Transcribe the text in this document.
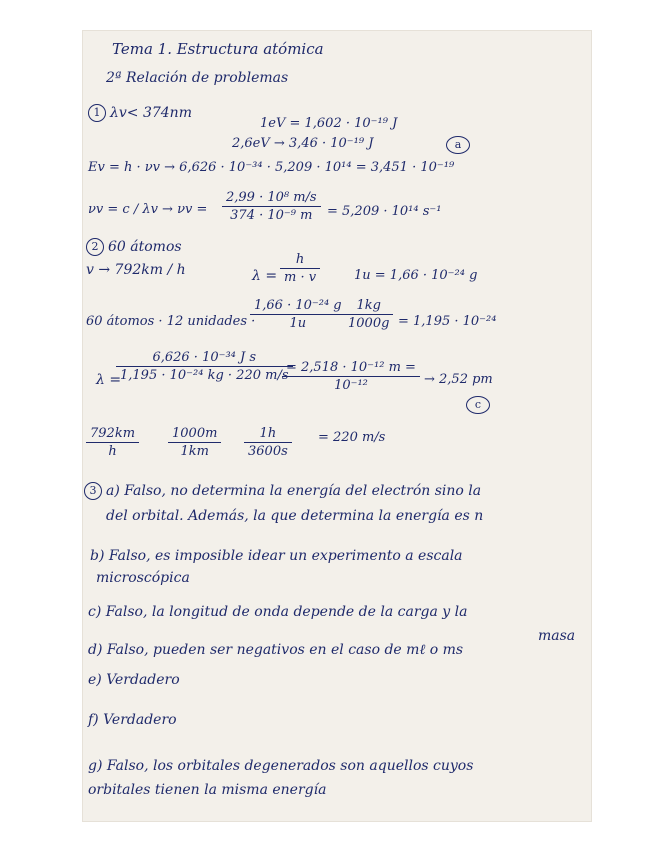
Tema 1. Estructura atómica
2ª Relación de problemas
1 λv< 374nm
1eV = 1,602 · 10⁻¹⁹ J
2,6eV → 3,46 · 10⁻¹⁹ J	a
Ev = h · νv → 6,626 · 10⁻³⁴ · 5,209 · 10¹⁴ = 3,451 · 10⁻¹⁹
νv = c / λv → νv =
2,99 · 10⁸ m/s
374 · 10⁻⁹ m	= 5,209 · 10¹⁴ s⁻¹
2 60 átomos
v → 792km / h	λ =
h
m · v	1u = 1,66 · 10⁻²⁴ g
60 átomos · 12 unidades ·
1,66 · 10⁻²⁴ g
1u
1kg
1000g = 1,195 · 10⁻²⁴
λ =
6,626 · 10⁻³⁴ J s
1,195 · 10⁻²⁴ kg · 220 m/s
= 2,518 · 10⁻¹² m =
10⁻¹²	→ 2,52 pm
c
792km
h
1000m
1km
1h
3600s
= 220 m/s
3 a) Falso, no determina la energía del electrón sino la
del orbital. Además, la que determina la energía es n
b) Falso, es imposible idear un experimento a escala
microscópica
c) Falso, la longitud de onda depende de la carga y la
masa
d) Falso, pueden ser negativos en el caso de mℓ o ms
e) Verdadero
f) Verdadero
g) Falso, los orbitales degenerados son aquellos cuyos
orbitales tienen la misma energía
